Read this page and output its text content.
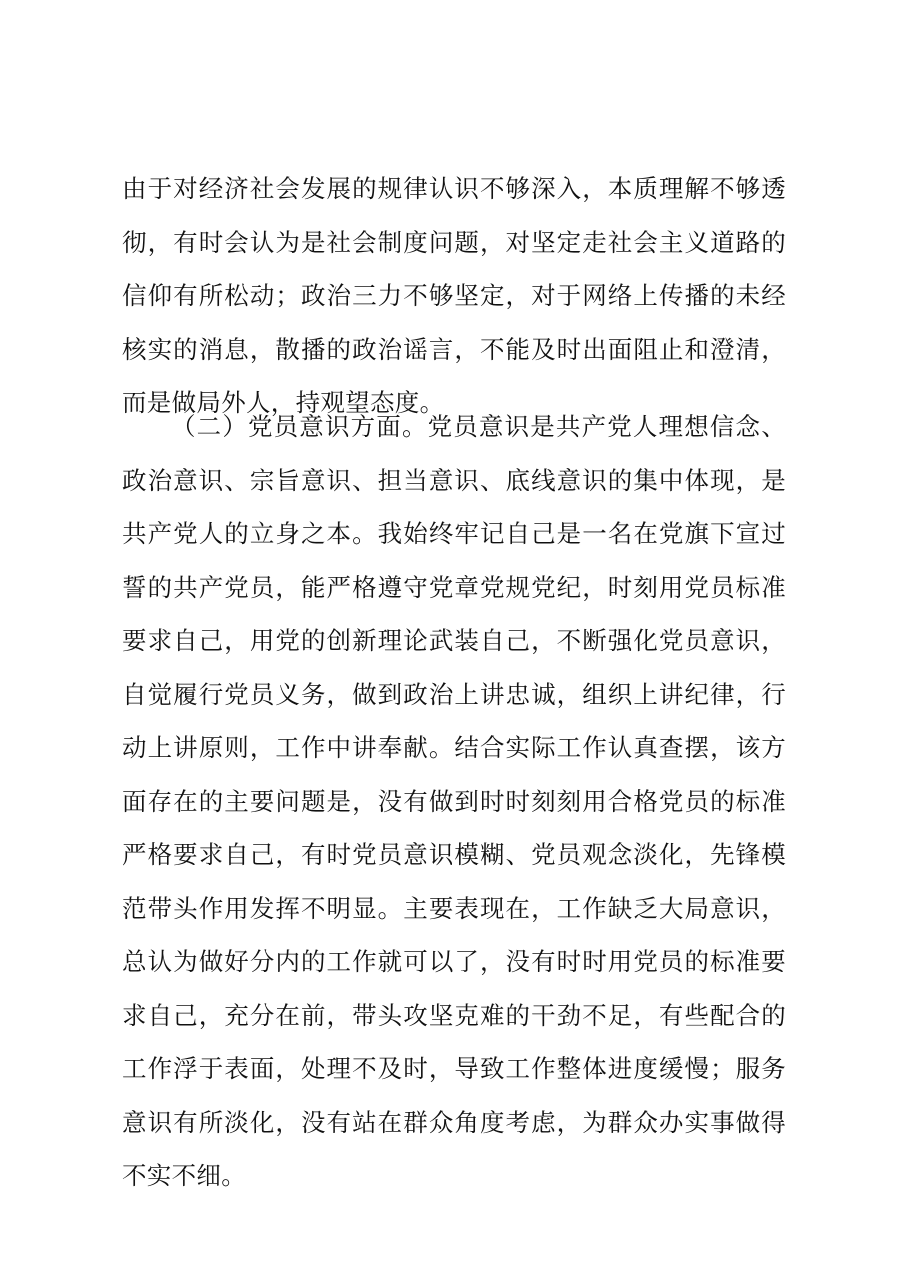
由于对经济社会发展的规律认识不够深入，本质理解不够透彻，有时会认为是社会制度问题，对坚定走社会主义道路的信仰有所松动；政治三力不够坚定，对于网络上传播的未经核实的消息，散播的政治谣言，不能及时出面阻止和澄清，而是做局外人，持观望态度。

（二）党员意识方面。党员意识是共产党人理想信念、政治意识、宗旨意识、担当意识、底线意识的集中体现，是共产党人的立身之本。我始终牢记自己是一名在党旗下宣过誓的共产党员，能严格遵守党章党规党纪，时刻用党员标准要求自己，用党的创新理论武装自己，不断强化党员意识，自觉履行党员义务，做到政治上讲忠诚，组织上讲纪律，行动上讲原则，工作中讲奉献。结合实际工作认真查摆，该方面存在的主要问题是，没有做到时时刻刻用合格党员的标准严格要求自己，有时党员意识模糊、党员观念淡化，先锋模范带头作用发挥不明显。主要表现在，工作缺乏大局意识，总认为做好分内的工作就可以了，没有时时用党员的标准要求自己，充分在前，带头攻坚克难的干劲不足，有些配合的工作浮于表面，处理不及时，导致工作整体进度缓慢；服务意识有所淡化，没有站在群众角度考虑，为群众办实事做得不实不细。
